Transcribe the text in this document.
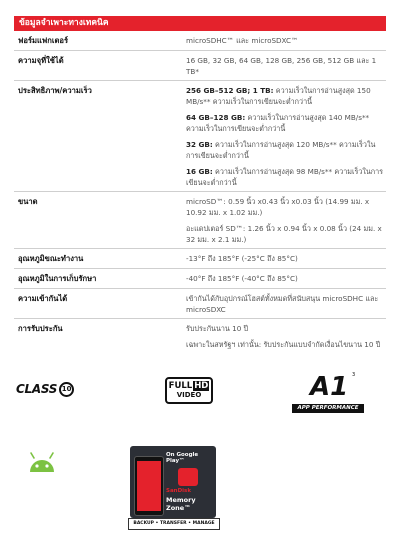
ข้อมูลจำเพาะทางเทคนิค
ฟอร์มแฟกเตอร์	microSDHC™ และ microSDXC™

ความจุที่ใช้ได้	16 GB, 32 GB, 64 GB, 128 GB, 256 GB, 512 GB และ 1 TB*

ประสิทธิภาพ/ความเร็ว	256 GB–512 GB; 1 TB: ความเร็วในการอ่านสูงสุด 150 MB/s** ความเร็วในการเขียนจะต่ำกว่านี้

64 GB–128 GB: ความเร็วในการอ่านสูงสุด 140 MB/s** ความเร็วในการเขียนจะต่ำกว่านี้

32 GB: ความเร็วในการอ่านสูงสุด 120 MB/s** ความเร็วในการเขียนจะต่ำกว่านี้

16 GB: ความเร็วในการอ่านสูงสุด 98 MB/s** ความเร็วในการเขียนจะต่ำกว่านี้

ขนาด	microSD™: 0.59 นิ้ว x0.43 นิ้ว x0.03 นิ้ว (14.99 มม. x 10.92 มม. x 1.02 มม.)

อะแดปเตอร์ SD™: 1.26 นิ้ว x 0.94 นิ้ว x 0.08 นิ้ว (24 มม. x 32 มม. x 2.1 มม.)

อุณหภูมิขณะทำงาน	-13°F ถึง 185°F (-25°C ถึง 85°C)

อุณหภูมิในการเก็บรักษา	-40°F ถึง 185°F (-40°C ถึง 85°C)

ความเข้ากันได้	เข้ากันได้กับอุปกรณ์โฮสต์ทั้งหมดที่สนับสนุน microSDHC และ microSDXC

การรับประกัน	รับประกันนาน 10 ปี

เฉพาะในสหรัฐฯ เท่านั้น: รับประกันแบบจำกัดเงื่อนไขนาน 10 ปี

CLASS 10	FULL HD
VIDEO	A1 3
APP PERFORMANCE
On Google Play™
SanDisk
Memory Zone™
BACKUP • TRANSFER • MANAGE
